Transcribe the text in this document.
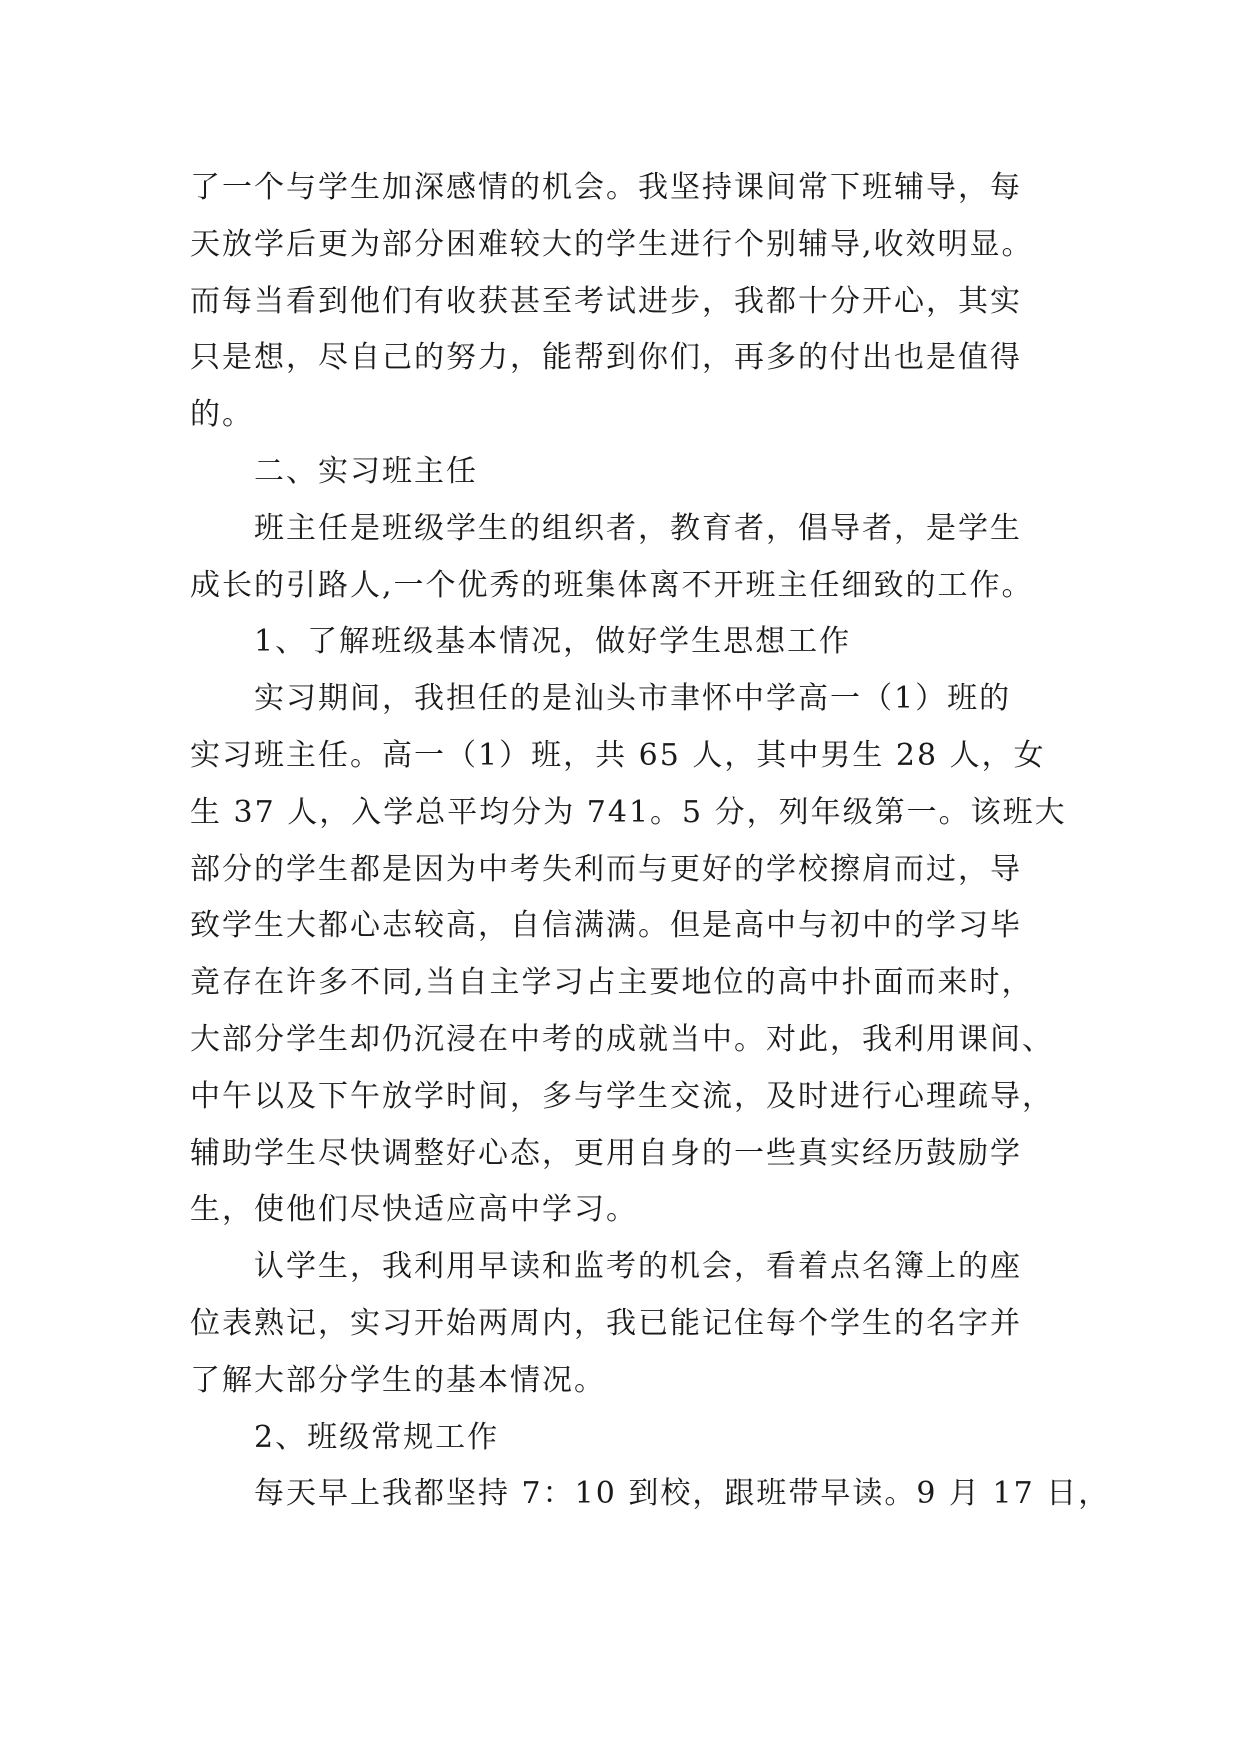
了一个与学生加深感情的机会。我坚持课间常下班辅导，每
天放学后更为部分困难较大的学生进行个别辅导,收效明显。
而每当看到他们有收获甚至考试进步，我都十分开心，其实
只是想，尽自己的努力，能帮到你们，再多的付出也是值得
的。
二、实习班主任
班主任是班级学生的组织者，教育者，倡导者，是学生
成长的引路人,一个优秀的班集体离不开班主任细致的工作。
1、了解班级基本情况，做好学生思想工作
实习期间，我担任的是汕头市聿怀中学高一（1）班的
实习班主任。高一（1）班，共 65 人，其中男生 28 人，女
生 37 人，入学总平均分为 741。5 分，列年级第一。该班大
部分的学生都是因为中考失利而与更好的学校擦肩而过，导
致学生大都心志较高，自信满满。但是高中与初中的学习毕
竟存在许多不同,当自主学习占主要地位的高中扑面而来时，
大部分学生却仍沉浸在中考的成就当中。对此，我利用课间、
中午以及下午放学时间，多与学生交流，及时进行心理疏导，
辅助学生尽快调整好心态，更用自身的一些真实经历鼓励学
生，使他们尽快适应高中学习。
认学生，我利用早读和监考的机会，看着点名簿上的座
位表熟记，实习开始两周内，我已能记住每个学生的名字并
了解大部分学生的基本情况。
2、班级常规工作
每天早上我都坚持 7：10 到校，跟班带早读。9 月 17 日，
